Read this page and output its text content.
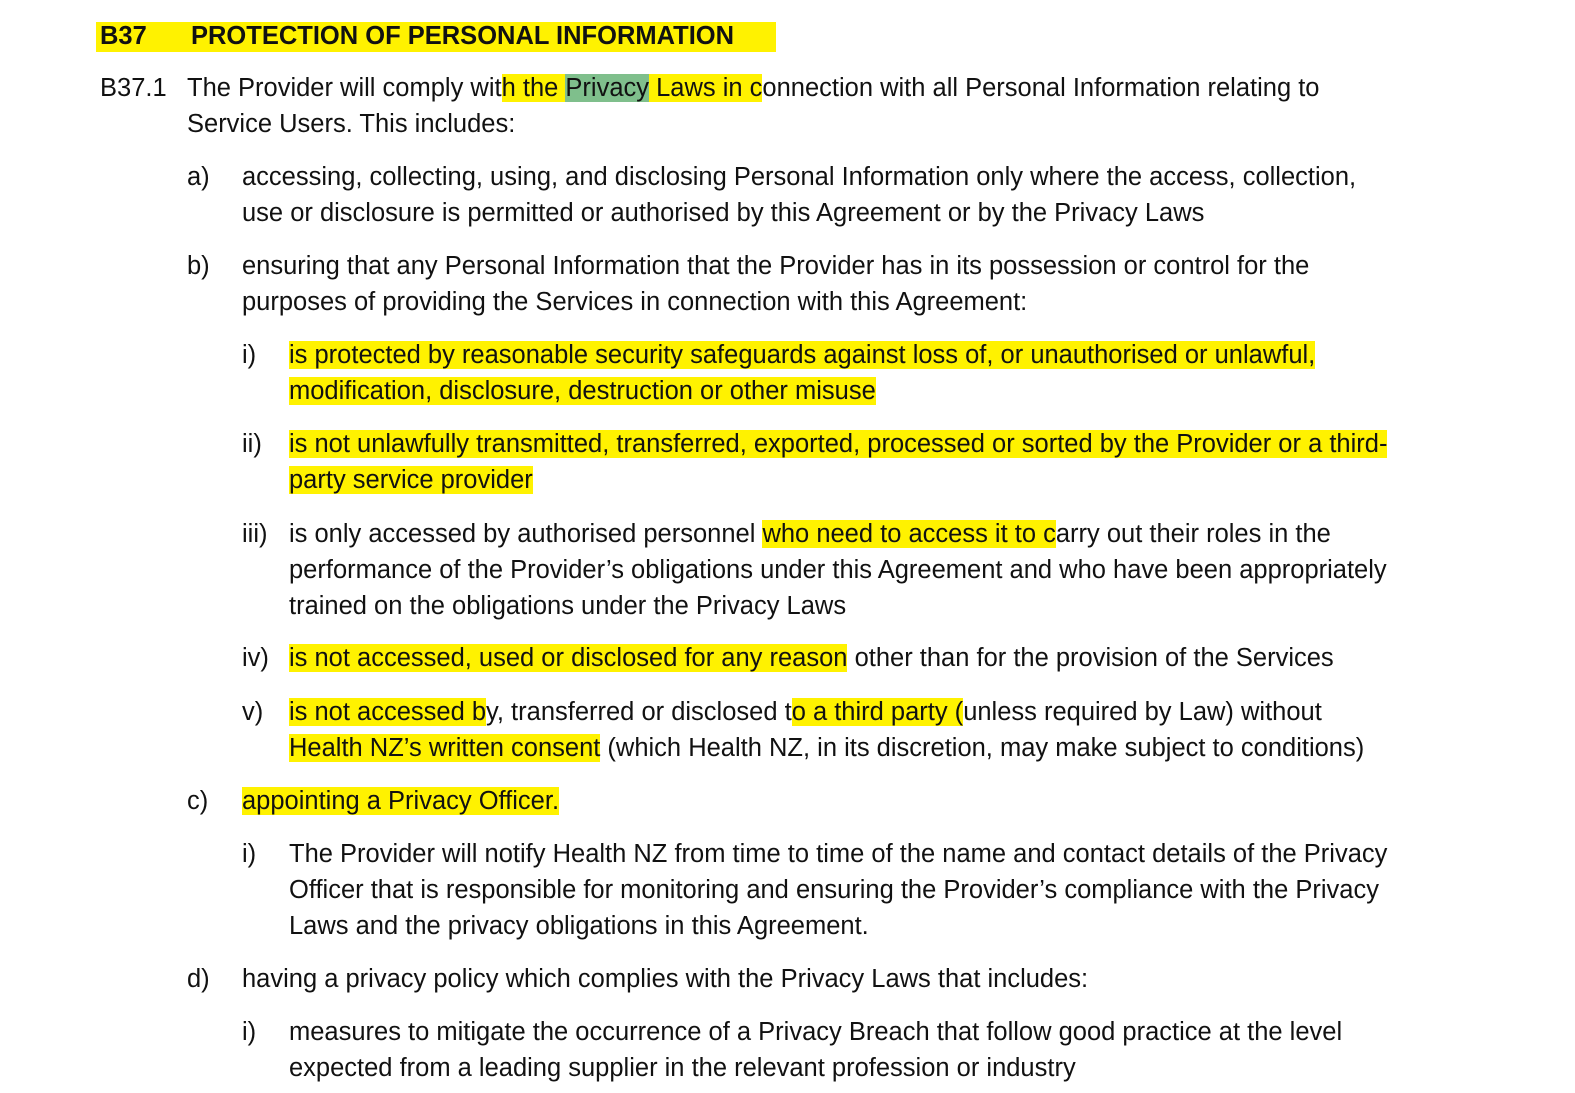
B37	PROTECTION OF PERSONAL INFORMATION
B37.1 The Provider will comply with the Privacy Laws in connection with all Personal Information relating to
Service Users. This includes:
a) accessing, collecting, using, and disclosing Personal Information only where the access, collection,
use or disclosure is permitted or authorised by this Agreement or by the Privacy Laws
b) ensuring that any Personal Information that the Provider has in its possession or control for the
purposes of providing the Services in connection with this Agreement:
i) is protected by reasonable security safeguards against loss of, or unauthorised or unlawful,
modification, disclosure, destruction or other misuse
ii) is not unlawfully transmitted, transferred, exported, processed or sorted by the Provider or a third-
party service provider
iii) is only accessed by authorised personnel who need to access it to carry out their roles in the
performance of the Provider’s obligations under this Agreement and who have been appropriately
trained on the obligations under the Privacy Laws
iv) is not accessed, used or disclosed for any reason other than for the provision of the Services
v) is not accessed by, transferred or disclosed to a third party (unless required by Law) without
Health NZ’s written consent (which Health NZ, in its discretion, may make subject to conditions)
c) appointing a Privacy Officer.
i) The Provider will notify Health NZ from time to time of the name and contact details of the Privacy
Officer that is responsible for monitoring and ensuring the Provider’s compliance with the Privacy
Laws and the privacy obligations in this Agreement.
d) having a privacy policy which complies with the Privacy Laws that includes:
i) measures to mitigate the occurrence of a Privacy Breach that follow good practice at the level
expected from a leading supplier in the relevant profession or industry
